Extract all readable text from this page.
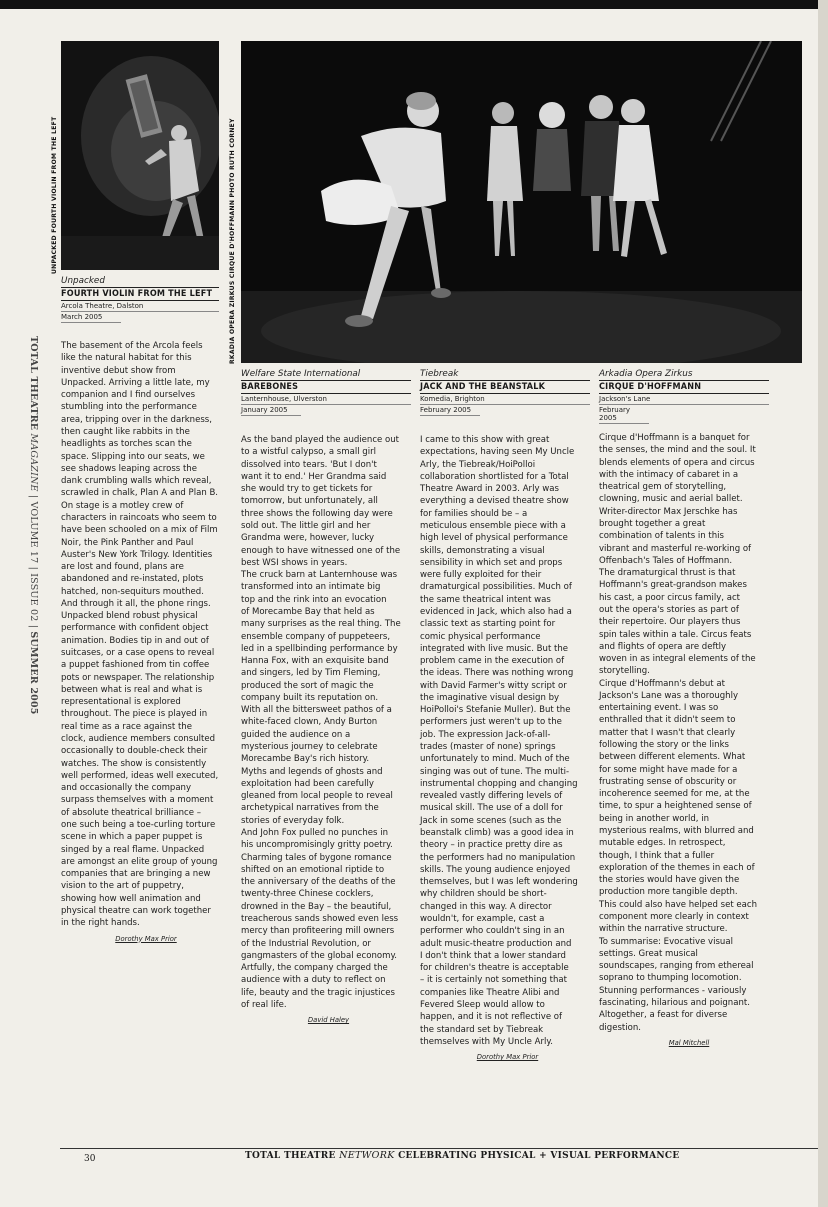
UNPACKED FOURTH VIOLIN FROM THE LEFT	RKADIA OPERA ZIRKUS CIRQUE D'HOFFMANN PHOTO RUTH CORNEY
TOTAL THEATRE MAGAZINE | VOLUME 17 | ISSUE 02 | SUMMER 2005
Unpacked
FOURTH VIOLIN FROM THE LEFT
Arcola Theatre, Dalston
March 2005

The basement of the Arcola feels

like the natural habitat for this

inventive debut show from

Unpacked. Arriving a little late, my

companion and I find ourselves

stumbling into the performance

area, tripping over in the darkness,

then caught like rabbits in the

headlights as torches scan the

space. Slipping into our seats, we

see shadows leaping across the

dank crumbling walls which reveal,

scrawled in chalk, Plan A and Plan B.

On stage is a motley crew of

characters in raincoats who seem to

have been schooled on a mix of Film

Noir, the Pink Panther and Paul

Auster's New York Trilogy. Identities

are lost and found, plans are

abandoned and re-instated, plots

hatched, non-sequiturs mouthed.

And through it all, the phone rings.

Unpacked blend robust physical

performance with confident object

animation. Bodies tip in and out of

suitcases, or a case opens to reveal

a puppet fashioned from tin coffee

pots or newspaper. The relationship

between what is real and what is

representational is explored

throughout. The piece is played in

real time as a race against the

clock, audience members consulted

occasionally to double-check their

watches. The show is consistently

well performed, ideas well executed,

and occasionally the company

surpass themselves with a moment

of absolute theatrical brilliance –

one such being a toe-curling torture

scene in which a paper puppet is

singed by a real flame. Unpacked

are amongst an elite group of young

companies that are bringing a new

vision to the art of puppetry,

showing how well animation and

physical theatre can work together

in the right hands.

Dorothy Max Prior
Welfare State International
BAREBONES
Lanternhouse, Ulverston
January 2005

As the band played the audience out

to a wistful calypso, a small girl

dissolved into tears. 'But I don't

want it to end.' Her Grandma said

she would try to get tickets for

tomorrow, but unfortunately, all

three shows the following day were

sold out. The little girl and her

Grandma were, however, lucky

enough to have witnessed one of the

best WSI shows in years.

The cruck barn at Lanternhouse was

transformed into an intimate big

top and the rink into an evocation

of Morecambe Bay that held as

many surprises as the real thing. The

ensemble company of puppeteers,

led in a spellbinding performance by

Hanna Fox, with an exquisite band

and singers, led by Tim Fleming,

produced the sort of magic the

company built its reputation on.

With all the bittersweet pathos of a

white-faced clown, Andy Burton

guided the audience on a

mysterious journey to celebrate

Morecambe Bay's rich history.

Myths and legends of ghosts and

exploitation had been carefully

gleaned from local people to reveal

archetypical narratives from the

stories of everyday folk.

And John Fox pulled no punches in

his uncompromisingly gritty poetry.

Charming tales of bygone romance

shifted on an emotional riptide to

the anniversary of the deaths of the

twenty-three Chinese cocklers,

drowned in the Bay – the beautiful,

treacherous sands showed even less

mercy than profiteering mill owners

of the Industrial Revolution, or

gangmasters of the global economy.

Artfully, the company charged the

audience with a duty to reflect on

life, beauty and the tragic injustices

of real life.

David Haley
Tiebreak
JACK AND THE BEANSTALK
Komedia, Brighton
February 2005

I came to this show with great

expectations, having seen My Uncle

Arly, the Tiebreak/HoiPolloi

collaboration shortlisted for a Total

Theatre Award in 2003. Arly was

everything a devised theatre show

for families should be – a

meticulous ensemble piece with a

high level of physical performance

skills, demonstrating a visual

sensibility in which set and props

were fully exploited for their

dramaturgical possibilities. Much of

the same theatrical intent was

evidenced in Jack, which also had a

classic text as starting point for

comic physical performance

integrated with live music. But the

problem came in the execution of

the ideas. There was nothing wrong

with David Farmer's witty script or

the imaginative visual design by

HoiPolloi's Stefanie Muller). But the

performers just weren't up to the

job. The expression Jack-of-all-

trades (master of none) springs

unfortunately to mind. Much of the

singing was out of tune. The multi-

instrumental chopping and changing

revealed vastly differing levels of

musical skill. The use of a doll for

Jack in some scenes (such as the

beanstalk climb) was a good idea in

theory – in practice pretty dire as

the performers had no manipulation

skills. The young audience enjoyed

themselves, but I was left wondering

why children should be short-

changed in this way. A director

wouldn't, for example, cast a

performer who couldn't sing in an

adult music-theatre production and

I don't think that a lower standard

for children's theatre is acceptable

– it is certainly not something that

companies like Theatre Alibi and

Fevered Sleep would allow to

happen, and it is not reflective of

the standard set by Tiebreak

themselves with My Uncle Arly.

Dorothy Max Prior
Arkadia Opera Zirkus
CIRQUE D'HOFFMANN
Jackson's Lane
February 2005

Cirque d'Hoffmann is a banquet for

the senses, the mind and the soul. It

blends elements of opera and circus

with the intimacy of cabaret in a

theatrical gem of storytelling,

clowning, music and aerial ballet.

Writer-director Max Jerschke has

brought together a great

combination of talents in this

vibrant and masterful re-working of

Offenbach's Tales of Hoffmann.

The dramaturgical thrust is that

Hoffmann's great-grandson makes

his cast, a poor circus family, act

out the opera's stories as part of

their repertoire. Our players thus

spin tales within a tale. Circus feats

and flights of opera are deftly

woven in as integral elements of the

storytelling.

Cirque d'Hoffmann's debut at

Jackson's Lane was a thoroughly

entertaining event. I was so

enthralled that it didn't seem to

matter that I wasn't that clearly

following the story or the links

between different elements. What

for some might have made for a

frustrating sense of obscurity or

incoherence seemed for me, at the

time, to spur a heightened sense of

being in another world, in

mysterious realms, with blurred and

mutable edges. In retrospect,

though, I think that a fuller

exploration of the themes in each of

the stories would have given the

production more tangible depth.

This could also have helped set each

component more clearly in context

within the narrative structure.

To summarise: Evocative visual

settings. Great musical

soundscapes, ranging from ethereal

soprano to thumping locomotion.

Stunning performances - variously

fascinating, hilarious and poignant.

Altogether, a feast for diverse

digestion.

Mal Mitchell
30	TOTAL THEATRE NETWORK CELEBRATING PHYSICAL + VISUAL PERFORMANCE
